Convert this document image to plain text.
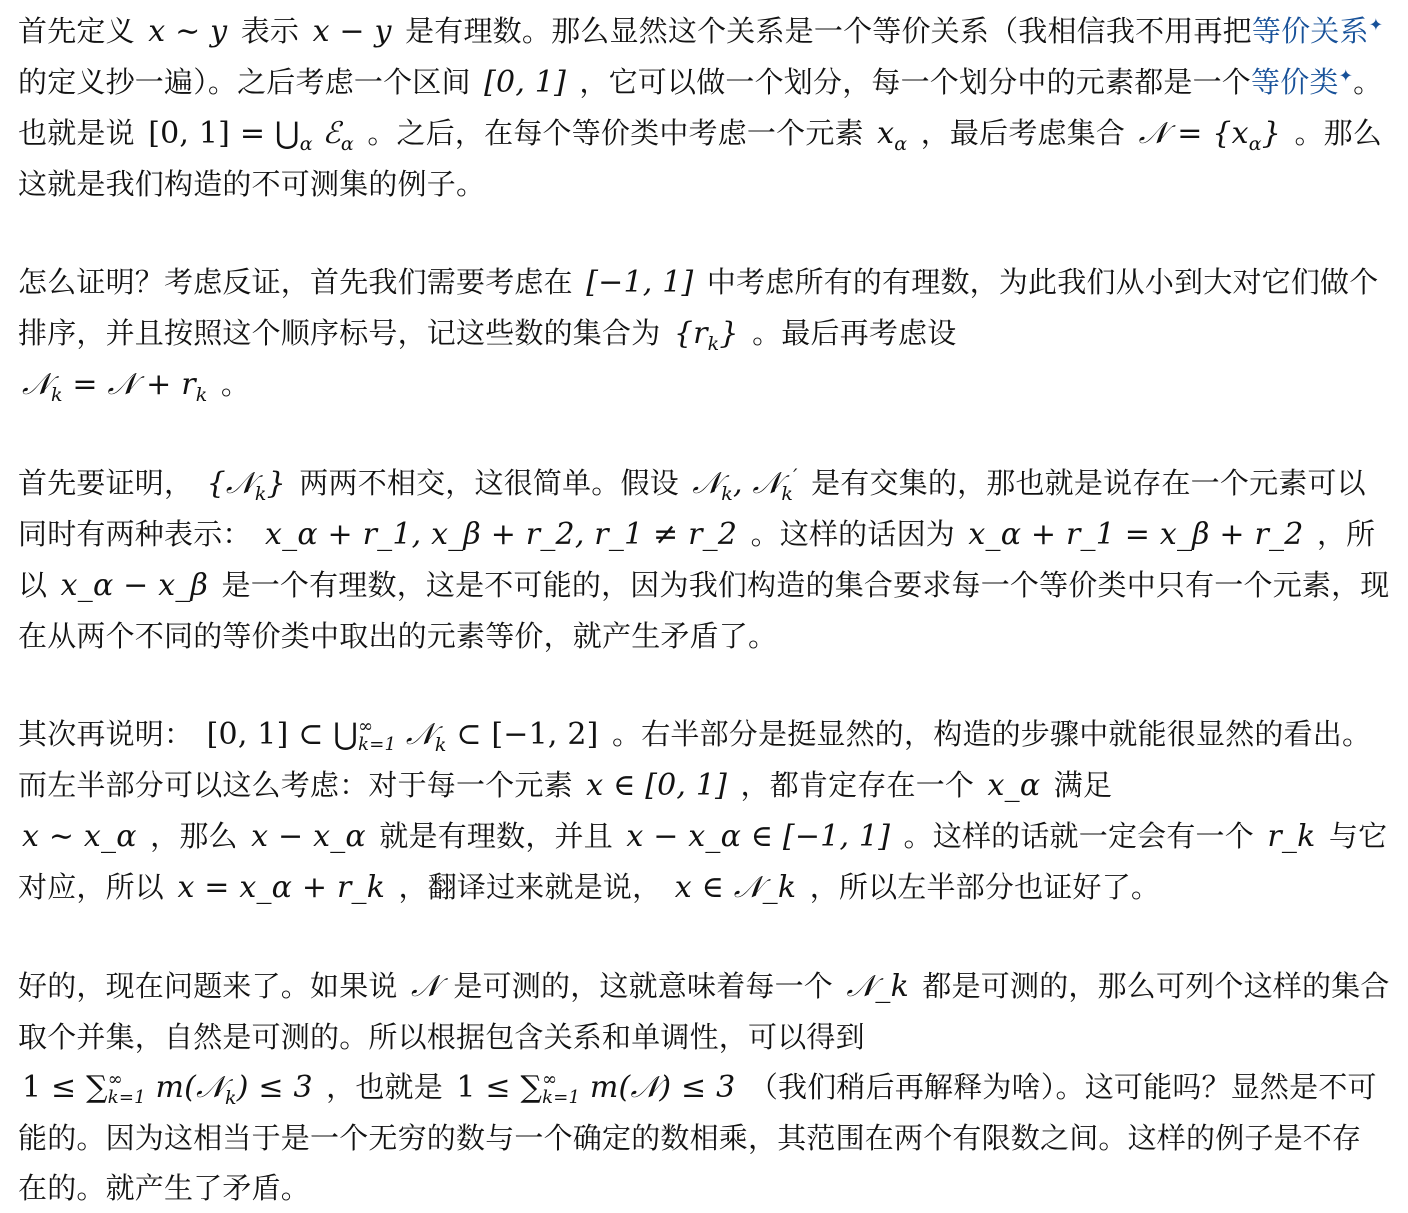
首先定义 x ∼ y 表示 x − y 是有理数。那么显然这个关系是一个等价关系（我相信我不用再把等价关系✦的定义抄一遍）。之后考虑一个区间 [0, 1] ，它可以做一个划分，每一个划分中的元素都是一个等价类✦。也就是说 [0, $1] = ⋃_\alpha$ ℰ$_\alpha$ 。之后，在每个等价类中考虑一个元素 $x_\alpha$ ，最后考虑集合 𝒩 = $\{x_\alpha\}$ 。那么这就是我们构造的不可测集的例子。

怎么证明？考虑反证，首先我们需要考虑在 [−1, 1] 中考虑所有的有理数，为此我们从小到大对它们做个排序，并且按照这个顺序标号，记这些数的集合为 $\{r_k\}$ 。最后再考虑设
𝒩$_k$ = 𝒩 + $r_k$ 。

首先要证明， {𝒩$_k$} 两两不相交，这很简单。假设 𝒩$_k$, 𝒩$_k$′ 是有交集的，那也就是说存在一个元素可以同时有两种表示： x_α + r_1, x_β + r_2, r_1 ≠ r_2 。这样的话因为 x_α + r_1 = x_β + r_2 ，所以 x_α − x_β 是一个有理数，这是不可能的，因为我们构造的集合要求每一个等价类中只有一个元素，现在从两个不同的等价类中取出的元素等价，就产生矛盾了。

其次再说明： [0, 1] ⊂ ⋃∞
k=1 𝒩$_k$ ⊂ [−1, 2] 。右半部分是挺显然的，构造的步骤中就能很显然的看出。而左半部分可以这么考虑：对于每一个元素 x ∈ [0, 1] ，都肯定存在一个 x_α 满足
x ∼ x_α ，那么 x − x_α 就是有理数，并且 x − x_α ∈ [−1, 1] 。这样的话就一定会有一个 r_k 与它对应，所以 x = x_α + r_k ，翻译过来就是说， x ∈ 𝒩_k ，所以左半部分也证好了。

好的，现在问题来了。如果说 𝒩 是可测的，这就意味着每一个 𝒩_k 都是可测的，那么可列个这样的集合取个并集，自然是可测的。所以根据包含关系和单调性，可以得到
1 ≤ ∑∞
k=1 m(𝒩$_k$) ≤ 3 ，也就是 1 ≤ ∑∞
k=1 m(𝒩) ≤ 3 （我们稍后再解释为啥）。这可能吗？显然是不可能的。因为这相当于是一个无穷的数与一个确定的数相乘，其范围在两个有限数之间。这样的例子是不存在的。就产生了矛盾。
